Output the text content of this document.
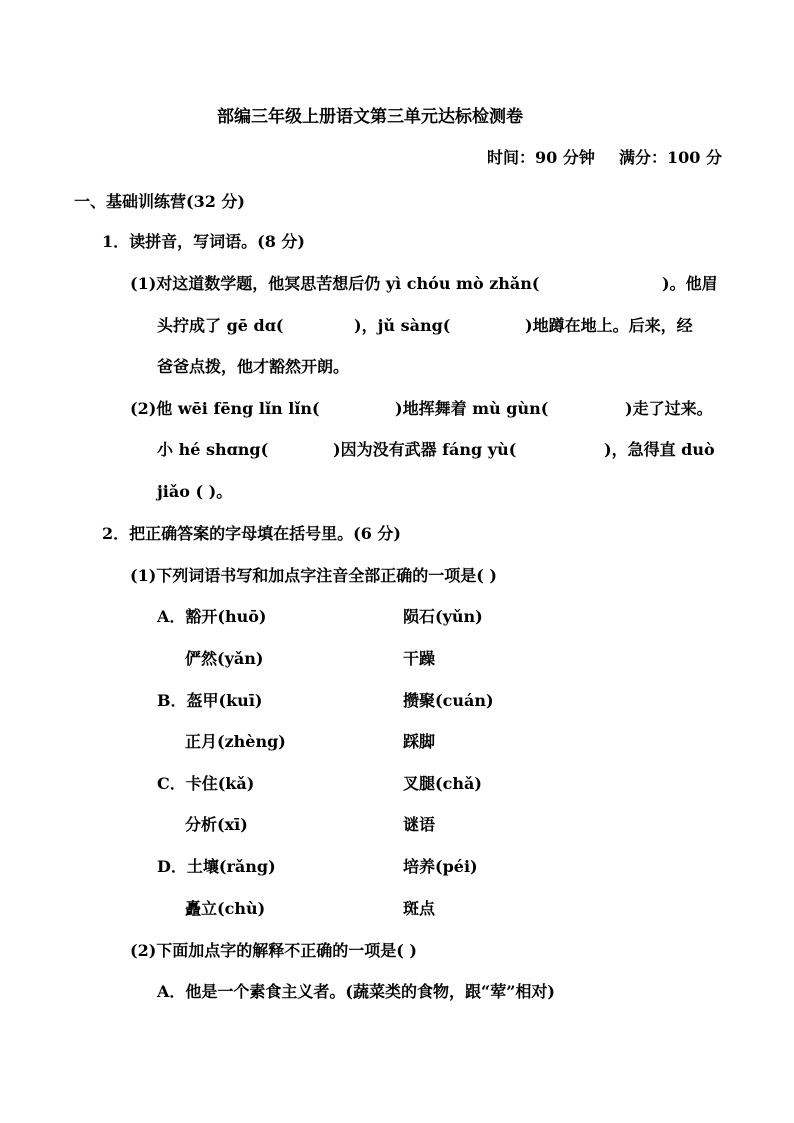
部编三年级上册语文第三单元达标检测卷
时间：90 分钟 满分：100 分
一、基础训练营(32 分)
1．读拼音，写词语。(8 分)
(1)对这道数学题，他冥思苦想后仍 yì chóu mò zhǎn(	)。他眉
头拧成了 gē dɑ(	)，jǔ sàng(	)地蹲在地上。后来，经
爸爸点拨，他才豁然开朗。
(2)他 wēi fēng lǐn lǐn(	)地挥舞着 mù gùn(	)走了过来。
小 hé shɑng(	)因为没有武器 fáng yù(	)，急得直 duò
jiǎo ( )。
2．把正确答案的字母填在括号里。(6 分)
(1)下列词语书写和加点字注音全部正确的一项是( )
A．豁开(huō)	陨石(yǔn)
俨然(yǎn)	干躁
B．盔甲(kuī)	攒聚(cuán)
正月(zhèng)	踩脚
C．卡住(kǎ)	叉腿(chǎ)
分析(xī)	谜语
D．土壤(rǎng)	培养(péi)
矗立(chù)	斑点
(2)下面加点字的解释不正确的一项是( )
A．他是一个素食主义者。(蔬菜类的食物，跟“荤”相对)
